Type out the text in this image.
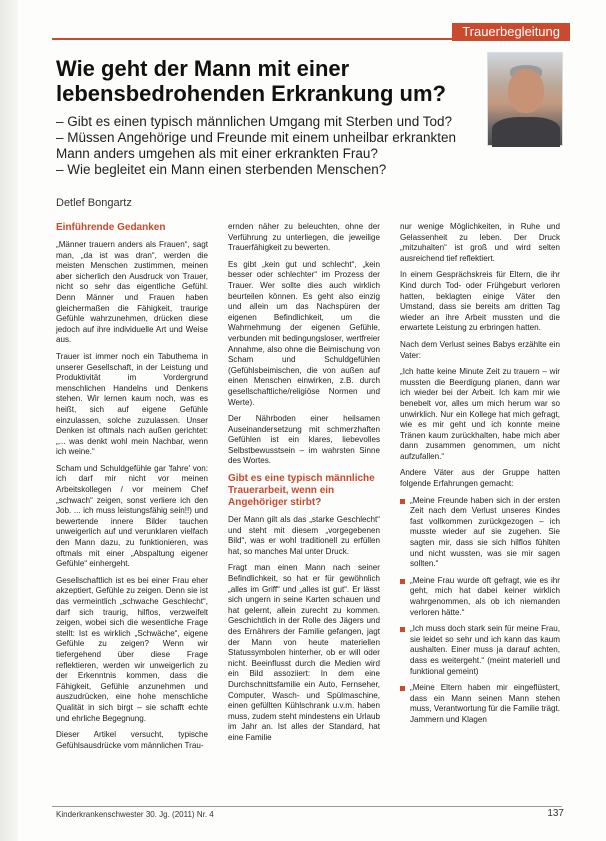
Trauerbegleitung
Wie geht der Mann mit einer lebensbedrohenden Erkrankung um?
– Gibt es einen typisch männlichen Umgang mit Sterben und Tod?
– Müssen Angehörige und Freunde mit einem unheilbar erkrankten Mann anders umgehen als mit einer erkrankten Frau?
– Wie begleitet ein Mann einen sterbenden Menschen?
Detlef Bongartz
Einführende Gedanken

„Männer trauern anders als Frauen“, sagt man, „da ist was dran“, werden die meisten Menschen zustimmen, meinen aber sicherlich den Ausdruck von Trauer, nicht so sehr das eigentliche Gefühl. Denn Männer und Frauen haben gleichermaßen die Fähigkeit, traurige Gefühle wahrzunehmen, drücken diese jedoch auf ihre individuelle Art und Weise aus.

Trauer ist immer noch ein Tabuthema in unserer Gesellschaft, in der Leistung und Produktivität im Vordergrund menschlichen Handelns und Denkens stehen. Wir lernen kaum noch, was es heißt, sich auf eigene Gefühle einzulassen, solche zuzulassen. Unser Denken ist oftmals nach außen gerichtet: „... was denkt wohl mein Nachbar, wenn ich weine.“

Scham und Schuldgefühle gar 'fahre' von: ich darf mir nicht vor meinen Arbeitskollegen / vor meinem Chef „schwach“ zeigen, sonst verliere ich den Job. ... ich muss leistungsfähig sein!!) und bewertende innere Bilder tauchen unweigerlich auf und verunklaren vielfach den Mann dazu, zu funktionieren, was oftmals mit einer „Abspaltung eigener Gefühle“ einhergeht.

Gesellschaftlich ist es bei einer Frau eher akzeptiert, Gefühle zu zeigen. Denn sie ist das vermeintlich „schwache Geschlecht“, darf sich traurig, hilflos, verzweifelt zeigen, wobei sich die wesentliche Frage stellt: Ist es wirklich „Schwäche“, eigene Gefühle zu zeigen? Wenn wir tiefergehend über diese Frage reflektieren, werden wir unweigerlich zu der Erkenntnis kommen, dass die Fähigkeit, Gefühle anzunehmen und auszudrücken, eine hohe menschliche Qualität in sich birgt – sie schafft echte und ehrliche Begegnung.

Dieser Artikel versucht, typische Gefühlsausdrücke vom männlichen Trau-

ernden näher zu beleuchten, ohne der Verführung zu unterliegen, die jeweilige Trauerfähigkeit zu bewerten.

Es gibt „kein gut und schlecht“, „kein besser oder schlechter“ im Prozess der Trauer. Wer sollte dies auch wirklich beurteilen können. Es geht also einzig und allein um das Nachspüren der eigenen Befindlichkeit, um die Wahrnehmung der eigenen Gefühle, verbunden mit bedingungsloser, wertfreier Annahme, also ohne die Beimischung von Scham und Schuldgefühlen (Gefühlsbeimischen, die von außen auf einen Menschen einwirken, z.B. durch gesellschaftliche/religiöse Normen und Werte).

Der Nährboden einer heilsamen Auseinandersetzung mit schmerzhaften Gefühlen ist ein klares, liebevolles Selbstbewusstsein – im wahrsten Sinne des Wortes.

Gibt es eine typisch männliche Trauerarbeit, wenn ein Angehöriger stirbt?

Der Mann gilt als das „starke Geschlecht“ und steht mit diesem „vorgegebenen Bild“, was er wohl traditionell zu erfüllen hat, so manches Mal unter Druck.

Fragt man einen Mann nach seiner Befindlichkeit, so hat er für gewöhnlich „alles im Griff“ und „alles ist gut“. Er lässt sich ungern in seine Karten schauen und hat gelernt, allein zurecht zu kommen. Geschichtlich in der Rolle des Jägers und des Ernährers der Familie gefangen, jagt der Mann von heute materiellen Statussymbolen hinterher, ob er will oder nicht. Beeinflusst durch die Medien wird ein Bild assoziiert: In dem eine Durchschnittsfamilie ein Auto, Fernseher, Computer, Wasch- und Spülmaschine, einen gefüllten Kühlschrank u.v.m. haben muss, zudem steht mindestens ein Urlaub im Jahr an. Ist alles der Standard, hat eine Familie

nur wenige Möglichkeiten, in Ruhe und Gelassenheit zu leben. Der Druck „mitzuhalten“ ist groß und wird selten ausreichend tief reflektiert.

In einem Gesprächskreis für Eltern, die ihr Kind durch Tod- oder Frühgeburt verloren hatten, beklagten einige Väter den Umstand, dass sie bereits am dritten Tag wieder an ihre Arbeit mussten und die erwartete Leistung zu erbringen hatten.

Nach dem Verlust seines Babys erzählte ein Vater:

„Ich hatte keine Minute Zeit zu trauern – wir mussten die Beerdigung planen, dann war ich wieder bei der Arbeit. Ich kam mir wie benebelt vor, alles um mich herum war so unwirklich. Nur ein Kollege hat mich gefragt, wie es mir geht und ich konnte meine Tränen kaum zurückhalten, habe mich aber dann zusammen genommen, um nicht aufzufallen.“

Andere Väter aus der Gruppe hatten folgende Erfahrungen gemacht:

„Meine Freunde haben sich in der ersten Zeit nach dem Verlust unseres Kindes fast vollkommen zurückgezogen – ich musste wieder auf sie zugehen. Sie sagten mir, dass sie sich hilflos fühlten und nicht wussten, was sie mir sagen sollten.“
„Meine Frau wurde oft gefragt, wie es ihr geht, mich hat dabei keiner wirklich wahrgenommen, als ob ich niemanden verloren hätte.“
„Ich muss doch stark sein für meine Frau, sie leidet so sehr und ich kann das kaum aushalten. Einer muss ja darauf achten, dass es weitergeht.“ (meint materiell und funktional gemeint)
„Meine Eltern haben mir eingeflüstert, dass ein Mann seinen Mann stehen muss, Verantwortung für die Familie trägt. Jammern und Klagen
Kinderkrankenschwester 30. Jg. (2011) Nr. 4	137
